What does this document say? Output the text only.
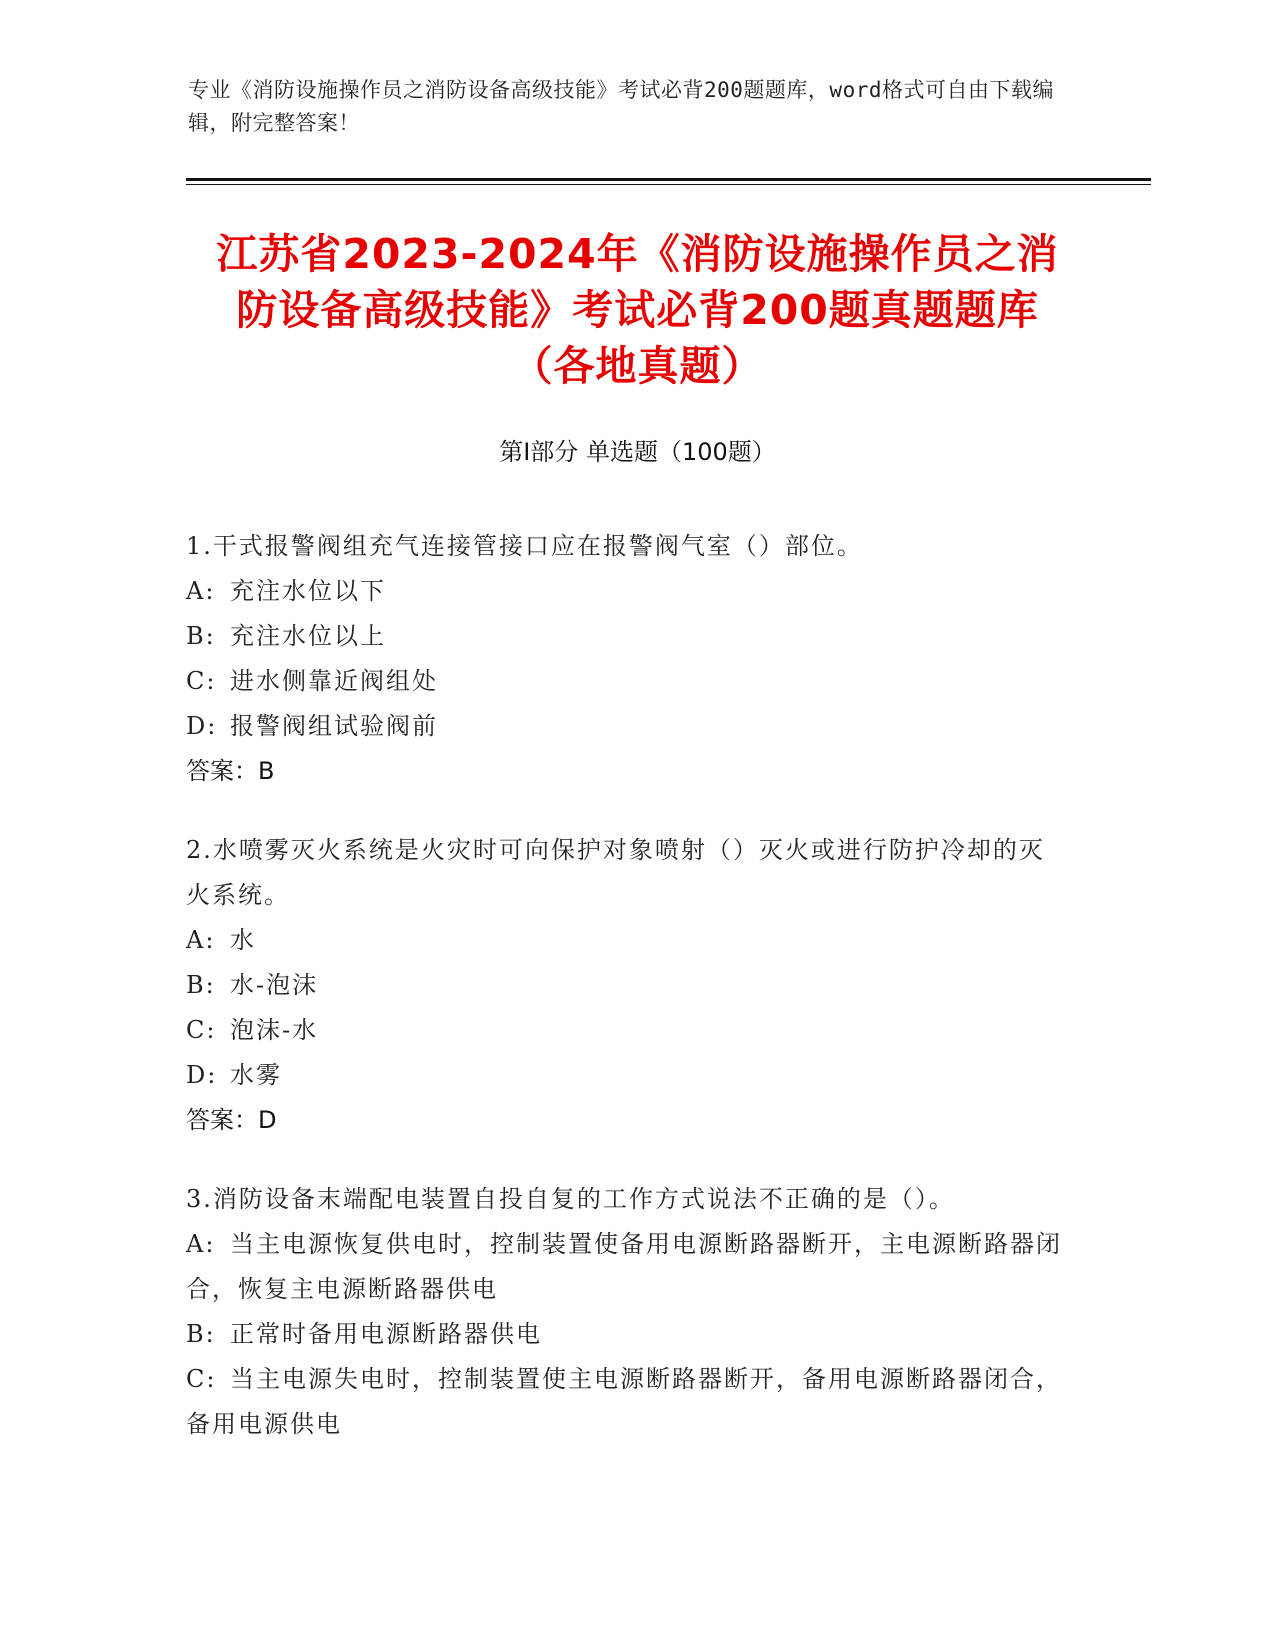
专业《消防设施操作员之消防设备高级技能》考试必背200题题库，word格式可自由下载编辑，附完整答案！
江苏省2023-2024年《消防设施操作员之消
防设备高级技能》考试必背200题真题题库
（各地真题）
第Ⅰ部分 单选题（100题）

1.干式报警阀组充气连接管接口应在报警阀气室（）部位。

A: 充注水位以下

B: 充注水位以上

C: 进水侧靠近阀组处

D: 报警阀组试验阀前

答案：B

2.水喷雾灭火系统是火灾时可向保护对象喷射（）灭火或进行防护冷却的灭火系统。

A: 水

B: 水-泡沫

C: 泡沫-水

D: 水雾

答案：D

3.消防设备末端配电装置自投自复的工作方式说法不正确的是（）。

A: 当主电源恢复供电时，控制装置使备用电源断路器断开，主电源断路器闭合，恢复主电源断路器供电

B: 正常时备用电源断路器供电

C: 当主电源失电时，控制装置使主电源断路器断开，备用电源断路器闭合，备用电源供电
